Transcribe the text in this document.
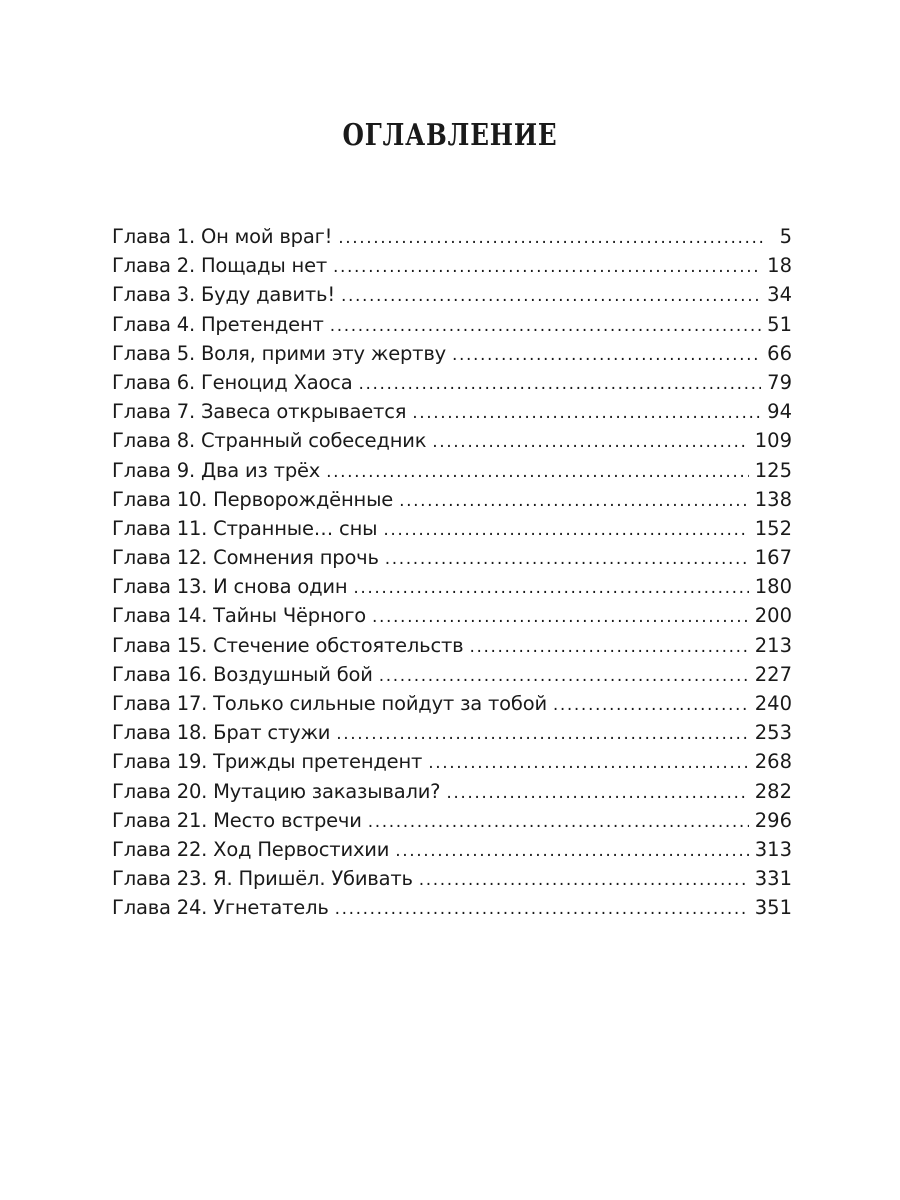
ОГЛАВЛЕНИЕ
Глава 1. Он мой враг! .....	5
Глава 2. Пощады нет .....	18
Глава 3. Буду давить! .....	34
Глава 4. Претендент .....	51
Глава 5. Воля, прими эту жертву .....	66
Глава 6. Геноцид Хаоса .....	79
Глава 7. Завеса открывается .....	94
Глава 8. Странный собеседник .....	109
Глава 9. Два из трёх .....	125
Глава 10. Перворождённые .....	138
Глава 11. Странные… сны .....	152
Глава 12. Сомнения прочь .....	167
Глава 13. И снова один .....	180
Глава 14. Тайны Чёрного .....	200
Глава 15. Стечение обстоятельств .....	213
Глава 16. Воздушный бой .....	227
Глава 17. Только сильные пойдут за тобой .....	240
Глава 18. Брат стужи .....	253
Глава 19. Трижды претендент .....	268
Глава 20. Мутацию заказывали? .....	282
Глава 21. Место встречи .....	296
Глава 22. Ход Первостихии .....	313
Глава 23. Я. Пришёл. Убивать .....	331
Глава 24. Угнетатель .....	351
